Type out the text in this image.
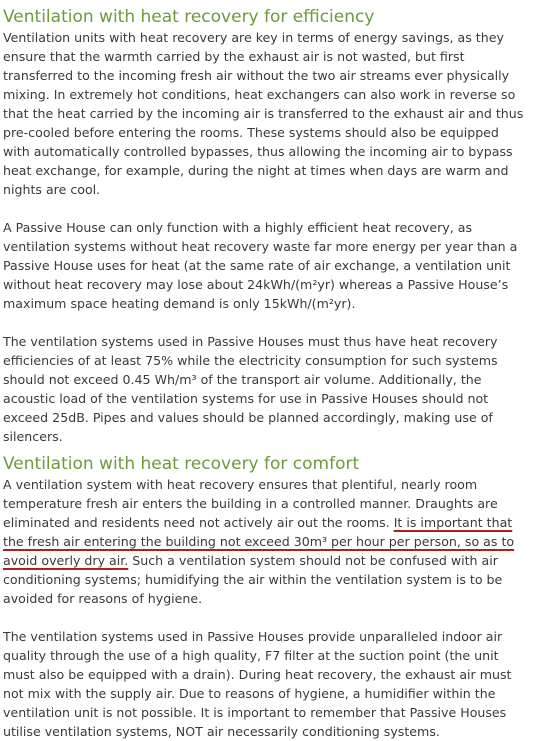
Ventilation with heat recovery for efficiency

Ventilation units with heat recovery are key in terms of energy savings, as they ensure that the warmth carried by the exhaust air is not wasted, but first transferred to the incoming fresh air without the two air streams ever physically mixing. In extremely hot conditions, heat exchangers can also work in reverse so that the heat carried by the incoming air is transferred to the exhaust air and thus pre-cooled before entering the rooms. These systems should also be equipped with automatically controlled bypasses, thus allowing the incoming air to bypass heat exchange, for example, during the night at times when days are warm and nights are cool.

A Passive House can only function with a highly efficient heat recovery, as ventilation systems without heat recovery waste far more energy per year than a Passive House uses for heat (at the same rate of air exchange, a ventilation unit without heat recovery may lose about 24kWh/(m²yr) whereas a Passive House’s maximum space heating demand is only 15kWh/(m²yr).

The ventilation systems used in Passive Houses must thus have heat recovery efficiencies of at least 75% while the electricity consumption for such systems should not exceed 0.45 Wh/m³ of the transport air volume. Additionally, the acoustic load of the ventilation systems for use in Passive Houses should not exceed 25dB. Pipes and values should be planned accordingly, making use of silencers.

Ventilation with heat recovery for comfort

A ventilation system with heat recovery ensures that plentiful, nearly room temperature fresh air enters the building in a controlled manner. Draughts are eliminated and residents need not actively air out the rooms. It is important that the fresh air entering the building not exceed 30m³ per hour per person, so as to avoid overly dry air. Such a ventilation system should not be confused with air conditioning systems; humidifying the air within the ventilation system is to be avoided for reasons of hygiene.

The ventilation systems used in Passive Houses provide unparalleled indoor air quality through the use of a high quality, F7 filter at the suction point (the unit must also be equipped with a drain). During heat recovery, the exhaust air must not mix with the supply air. Due to reasons of hygiene, a humidifier within the ventilation unit is not possible. It is important to remember that Passive Houses utilise ventilation systems, NOT air necessarily conditioning systems.
